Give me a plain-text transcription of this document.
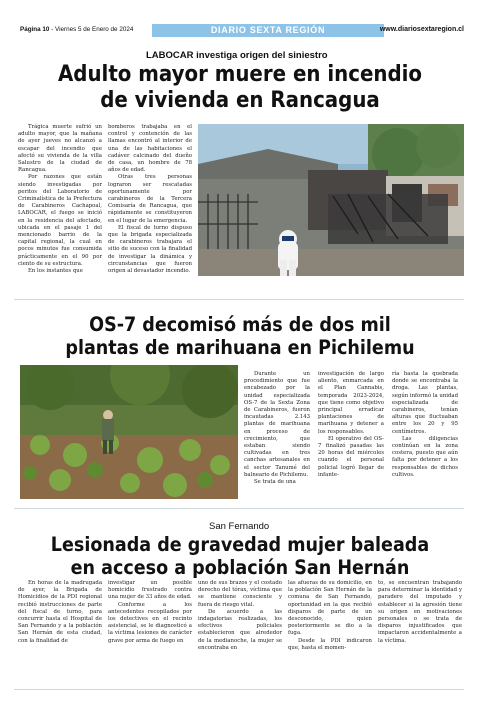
Página 10 - Viernes 5 de Enero de 2024	DIARIO SEXTA REGIÓN	www.diariosextaregion.cl
LABOCAR investiga origen del siniestro
Adulto mayor muere en incendio
de vivienda en Rancagua

Trágica muerte sufrió un adulto mayor, que la mañana de ayer jueves no alcanzó a escapar del incendio que afectó su vivienda de la villa Salustro de la ciudad de Rancagua.

Por razones que están siendo investigadas por peritos del Laboratorio de Criminalística de la Prefectura de Carabineros Cachapoal, LABOCAR, el fuego se inició en la residencia del afectado, ubicada en el pasaje 1 del mencionado barrio de la capital regional, la cual en pocos minutos fue consumida prácticamente en el 90 por ciento de su estructura.

En los instantes que

bomberos trabajaba en el control y contención de las llamas encontró al interior de una de las habitaciones el cadáver calcinado del dueño de casa, un hombre de 78 años de edad.

Otras tres personas lograron ser rescatadas oportunamente por carabineros de la Tercera Comisaría de Rancagua, que rápidamente se constituyeron en el lugar de la emergencia.

El fiscal de turno dispuso que la brigada especializada de carabineros trabajara el sitio de suceso con la finalidad de investigar la dinámica y circunstancias que fueron origen al devastador incendio.

OS-7 decomisó más de dos mil
plantas de marihuana en Pichilemu

Durante un procedimiento que fue encabezado por la unidad especializada OS-7 de la Sexta Zona de Carabineros, fueron incautadas 2.143 plantas de marihuana en proceso de crecimiento, que estaban siendo cultivadas en tres canchas artesanales en el sector Tanumé del balneario de Pichilemu.

Se trata de una

investigación de largo aliento, enmarcada en el Plan Cannabis, temporada 2023-2024, que tiene como objetivo principal erradicar plantaciones de marihuana y detener a los responsables.

El operativo del OS-7 finalizó pasadas las 20 horas del miércoles cuando el personal policial logró llegar de infante-

ría hasta la quebrada donde se encontraba la droga. Las plantas, según informó la unidad especializada de carabineros, tenían alturas que fluctuaban entre los 20 y 95 centímetros.

Las diligencias continúan en la zona costera, puesto que aún falta por detener a los responsables de dichos cultivos.

San Fernando
Lesionada de gravedad mujer baleada
en acceso a población San Hernán

En horas de la madrugada de ayer, la Brigada de Homicidios de la PDI regional recibió instrucciones de parte del fiscal de turno, para concurrir hasta el Hospital de San Fernando y a la población San Hernán de esta ciudad, con la finalidad de

investigar un posible homicidio frustrado contra una mujer de 33 años de edad.

Conforme a los antecedentes recopilados por los detectives en el recinto asistencial, se le diagnosticó a la víctima lesiones de carácter grave por arma de fuego en

uno de sus brazos y el costado derecho del tórax, víctima que se mantiene consciente y fuera de riesgo vital.

De acuerdo a las indagatorias realizadas, los efectivos policiales establecieron que alrededor de la medianoche, la mujer se encontraba en

las afueras de su domicilio, en la población San Hernán de la comuna de San Fernando, oportunidad en la que recibió disparos de parte de un desconocido, quien posteriormente se dio a la fuga.

Desde la PDI indicaron que, hasta el momen-

to, se encuentran trabajando para determinar la identidad y paradero del imputado y establecer si la agresión tiene su origen en motivaciones personales o se trata de disparos injustificados que impactaron accidentalmente a la víctima.
